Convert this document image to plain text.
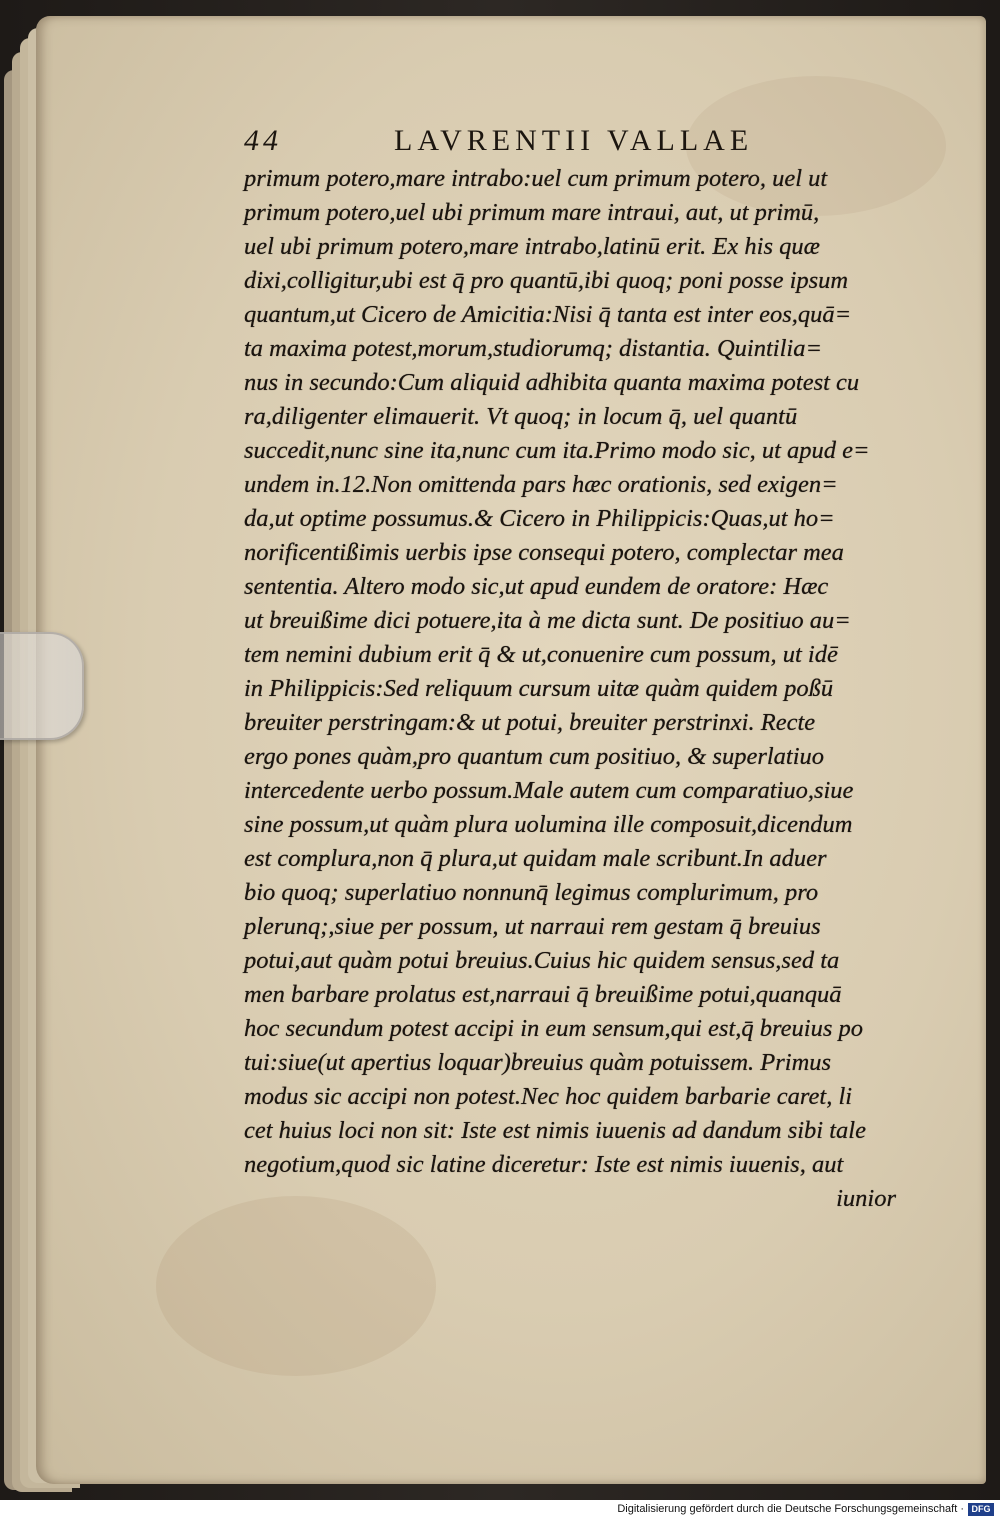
44	LAVRENTII VALLAE
primum potero,mare intrabo:uel cum primum potero, uel ut
primum potero,uel ubi primum mare intraui, aut, ut primū,
uel ubi primum potero,mare intrabo,latinū erit. Ex his quæ
dixi,colligitur,ubi est q̄ pro quantū,ibi quoq; poni posse ipsum
quantum,ut Cicero de Amicitia:Nisi q̄ tanta est inter eos,quā=
ta maxima potest,morum,studiorumq; distantia. Quintilia=
nus in secundo:Cum aliquid adhibita quanta maxima potest cu
ra,diligenter elimauerit. Vt quoq; in locum q̄, uel quantū
succedit,nunc sine ita,nunc cum ita.Primo modo sic, ut apud e=
undem in.12.Non omittenda pars hæc orationis, sed exigen=
da,ut optime possumus.& Cicero in Philippicis:Quas,ut ho=
norificentißimis uerbis ipse consequi potero, complectar mea
sententia. Altero modo sic,ut apud eundem de oratore: Hæc
ut breuißime dici potuere,ita à me dicta sunt. De positiuo au=
tem nemini dubium erit q̄ & ut,conuenire cum possum, ut idē
in Philippicis:Sed reliquum cursum uitæ quàm quidem poßū
breuiter perstringam:& ut potui, breuiter perstrinxi. Recte
ergo pones quàm,pro quantum cum positiuo, & superlatiuo
intercedente uerbo possum.Male autem cum comparatiuo,siue
sine possum,ut quàm plura uolumina ille composuit,dicendum
est complura,non q̄ plura,ut quidam male scribunt.In aduer
bio quoq; superlatiuo nonnunq̄ legimus complurimum, pro
plerunq;,siue per possum, ut narraui rem gestam q̄ breuius
potui,aut quàm potui breuius.Cuius hic quidem sensus,sed ta
men barbare prolatus est,narraui q̄ breuißime potui,quanquā
hoc secundum potest accipi in eum sensum,qui est,q̄ breuius po
tui:siue(ut apertius loquar)breuius quàm potuissem. Primus
modus sic accipi non potest.Nec hoc quidem barbarie caret, li
cet huius loci non sit: Iste est nimis iuuenis ad dandum sibi tale
negotium,quod sic latine diceretur: Iste est nimis iuuenis, aut
iunior
Digitalisierung gefördert durch die Deutsche Forschungsgemeinschaft · DFG
